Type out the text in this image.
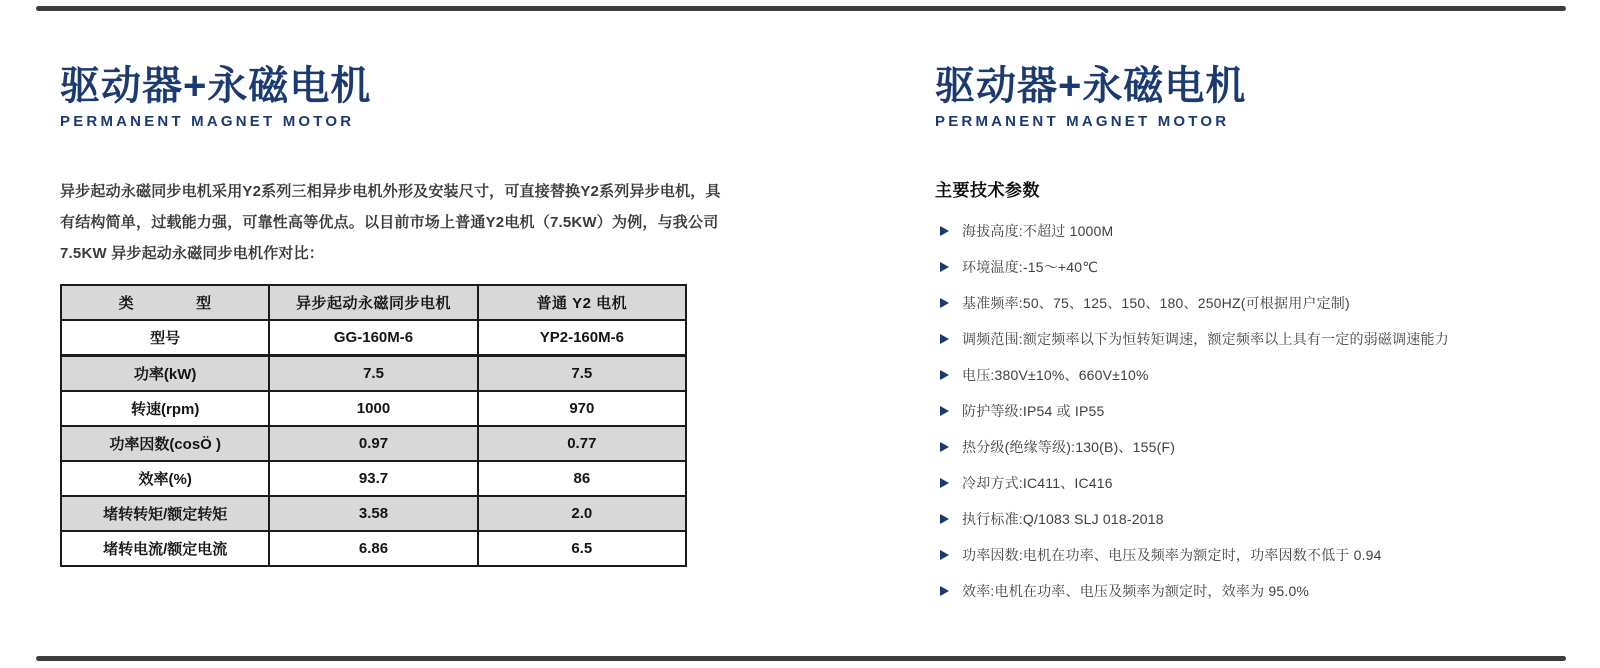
驱动器+永磁电机
PERMANENT MAGNET MOTOR
异步起动永磁同步电机采用Y2系列三相异步电机外形及安装尺寸，可直接替换Y2系列异步电机，具
有结构简单，过载能力强，可靠性高等优点。以目前市场上普通Y2电机（7.5KW）为例，与我公司
7.5KW 异步起动永磁同步电机作对比：
类　　　　型	异步起动永磁同步电机	普通 Y2 电机
型号	GG-160M-6	YP2-160M-6
功率(kW)	7.5	7.5
转速(rpm)	1000	970
功率因数(cosÖ )	0.97	0.77
效率(%)	93.7	86
堵转转矩/额定转矩	3.58	2.0
堵转电流/额定电流	6.86	6.5
驱动器+永磁电机
PERMANENT MAGNET MOTOR
主要技术参数
海拔高度:不超过 1000M
环境温度:-15～+40℃
基准频率:50、75、125、150、180、250HZ(可根据用户定制)
调频范围:额定频率以下为恒转矩调速，额定频率以上具有一定的弱磁调速能力
电压:380V±10%、660V±10%
防护等级:IP54 或 IP55
热分级(绝缘等级):130(B)、155(F)
冷却方式:IC411、IC416
执行标准:Q/1083 SLJ 018-2018
功率因数:电机在功率、电压及频率为额定时，功率因数不低于 0.94
效率:电机在功率、电压及频率为额定时，效率为 95.0%
